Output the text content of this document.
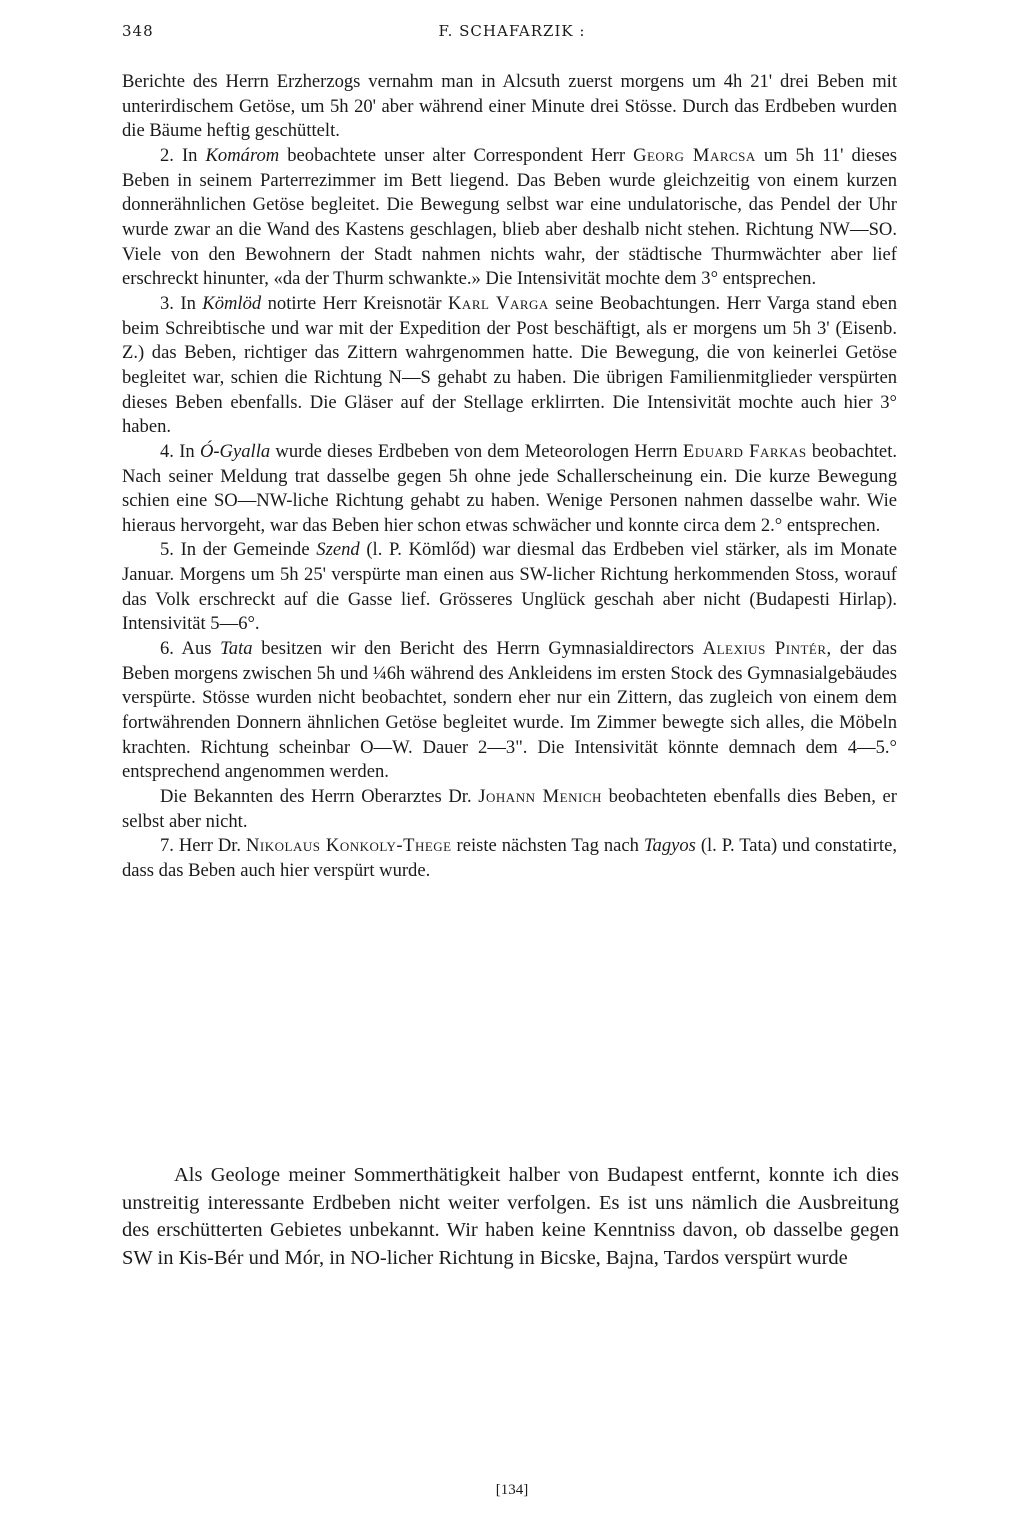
348	F. SCHAFARZIK :

Berichte des Herrn Erzherzogs vernahm man in Alcsuth zuerst morgens um 4h 21' drei Beben mit unterirdischem Getöse, um 5h 20' aber während einer Minute drei Stösse. Durch das Erdbeben wurden die Bäume heftig geschüttelt.

2. In Komárom beobachtete unser alter Correspondent Herr Georg Marcsa um 5h 11' dieses Beben in seinem Parterrezimmer im Bett liegend. Das Beben wurde gleichzeitig von einem kurzen donnerähnlichen Getöse begleitet. Die Bewegung selbst war eine undulatorische, das Pendel der Uhr wurde zwar an die Wand des Kastens geschlagen, blieb aber deshalb nicht stehen. Richtung NW—SO. Viele von den Bewohnern der Stadt nahmen nichts wahr, der städtische Thurmwächter aber lief erschreckt hinunter, «da der Thurm schwankte.» Die Intensivität mochte dem 3° entsprechen.

3. In Kömlöd notirte Herr Kreisnotär Karl Varga seine Beobachtungen. Herr Varga stand eben beim Schreibtische und war mit der Expedition der Post beschäftigt, als er morgens um 5h 3' (Eisenb. Z.) das Beben, richtiger das Zittern wahrgenommen hatte. Die Bewegung, die von keinerlei Getöse begleitet war, schien die Richtung N—S gehabt zu haben. Die übrigen Familienmitglieder verspürten dieses Beben ebenfalls. Die Gläser auf der Stellage erklirrten. Die Intensivität mochte auch hier 3° haben.

4. In Ó-Gyalla wurde dieses Erdbeben von dem Meteorologen Herrn Eduard Farkas beobachtet. Nach seiner Meldung trat dasselbe gegen 5h ohne jede Schallerscheinung ein. Die kurze Bewegung schien eine SO—NW-liche Richtung gehabt zu haben. Wenige Personen nahmen dasselbe wahr. Wie hieraus hervorgeht, war das Beben hier schon etwas schwächer und konnte circa dem 2.° entsprechen.

5. In der Gemeinde Szend (l. P. Kömlőd) war diesmal das Erdbeben viel stärker, als im Monate Januar. Morgens um 5h 25' verspürte man einen aus SW-licher Richtung herkommenden Stoss, worauf das Volk erschreckt auf die Gasse lief. Grösseres Unglück geschah aber nicht (Budapesti Hirlap). Intensivität 5—6°.

6. Aus Tata besitzen wir den Bericht des Herrn Gymnasialdirectors Alexius Pintér, der das Beben morgens zwischen 5h und ¼6h während des Ankleidens im ersten Stock des Gymnasialgebäudes verspürte. Stösse wurden nicht beobachtet, sondern eher nur ein Zittern, das zugleich von einem dem fortwährenden Donnern ähnlichen Getöse begleitet wurde. Im Zimmer bewegte sich alles, die Möbeln krachten. Richtung scheinbar O—W. Dauer 2—3". Die Intensivität könnte demnach dem 4—5.° entsprechend angenommen werden.

Die Bekannten des Herrn Oberarztes Dr. Johann Menich beobachteten ebenfalls dies Beben, er selbst aber nicht.

7. Herr Dr. Nikolaus Konkoly-Thege reiste nächsten Tag nach Tagyos (l. P. Tata) und constatirte, dass das Beben auch hier verspürt wurde.

Als Geologe meiner Sommerthätigkeit halber von Budapest entfernt, konnte ich dies unstreitig interessante Erdbeben nicht weiter verfolgen. Es ist uns nämlich die Ausbreitung des erschütterten Gebietes unbekannt. Wir haben keine Kenntniss davon, ob dasselbe gegen SW in Kis-Bér und Mór, in NO-licher Richtung in Bicske, Bajna, Tardos verspürt wurde

[134]
